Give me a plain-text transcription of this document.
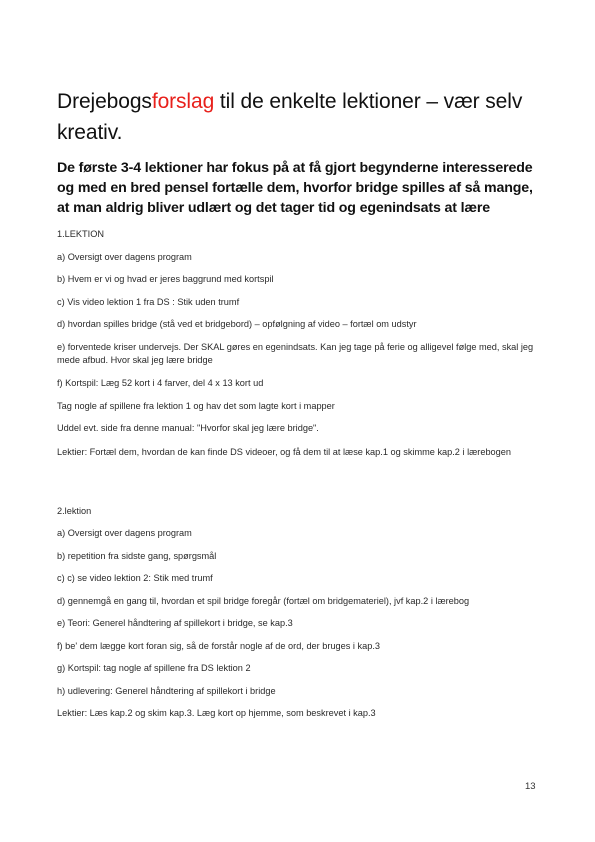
Drejebogsforslag til de enkelte lektioner – vær selv kreativ.

De første 3-4 lektioner har fokus på at få gjort begynderne interesserede og med en bred pensel fortælle dem, hvorfor bridge spilles af så mange, at man aldrig bliver udlært og det tager tid og egenindsats at lære

1.LEKTION

a) Oversigt over dagens program

b) Hvem er vi og hvad er jeres baggrund med kortspil

c) Vis video lektion 1 fra DS : Stik uden trumf

d) hvordan spilles bridge (stå ved et bridgebord) – opfølgning af video – fortæl om udstyr

e) forventede kriser undervejs. Der SKAL gøres en egenindsats. Kan jeg tage på ferie og alligevel følge med, skal jeg mede afbud. Hvor skal jeg lære bridge

f) Kortspil: Læg 52 kort i 4 farver, del 4 x 13 kort ud

Tag nogle af spillene fra lektion 1 og hav det som lagte kort i mapper

Uddel evt. side fra denne manual: "Hvorfor skal jeg lære bridge".

Lektier: Fortæl dem, hvordan de kan finde DS videoer, og få dem til at læse kap.1 og skimme kap.2 i lærebogen

2.lektion

a) Oversigt over dagens program

b) repetition fra sidste gang, spørgsmål

c) c) se video lektion 2: Stik med trumf

d) gennemgå en gang til, hvordan et spil bridge foregår (fortæl om bridgemateriel), jvf kap.2 i lærebog

e) Teori: Generel håndtering af spillekort i bridge, se kap.3

f) be' dem lægge kort foran sig, så de forstår nogle af de ord, der bruges i kap.3

g) Kortspil: tag nogle af spillene fra DS lektion 2

h) udlevering: Generel håndtering af spillekort i bridge

Lektier: Læs kap.2 og skim kap.3. Læg kort op hjemme, som beskrevet i kap.3

13
